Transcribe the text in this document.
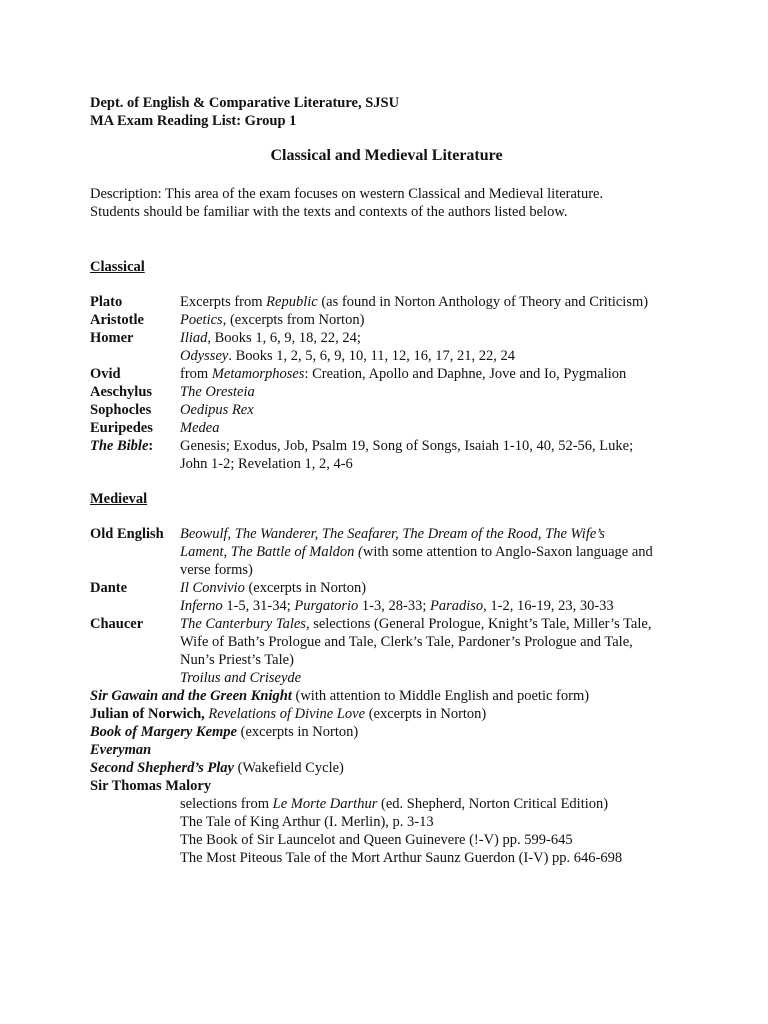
Dept. of English & Comparative Literature, SJSU
MA Exam Reading List: Group 1
Classical and Medieval Literature
Description: This area of the exam focuses on western Classical and Medieval literature.
Students should be familiar with the texts and contexts of the authors listed below.
Classical
Plato	Excerpts from Republic (as found in Norton Anthology of Theory and Criticism)
Aristotle	Poetics, (excerpts from Norton)
Homer	Iliad, Books 1, 6, 9, 18, 22, 24;
Odyssey. Books 1, 2, 5, 6, 9, 10, 11, 12, 16, 17, 21, 22, 24
Ovid	from Metamorphoses: Creation, Apollo and Daphne, Jove and Io, Pygmalion
Aeschylus	The Oresteia
Sophocles	Oedipus Rex
Euripedes	Medea
The Bible:	Genesis; Exodus, Job, Psalm 19, Song of Songs, Isaiah 1-10, 40, 52-56, Luke;
John 1-2; Revelation 1, 2, 4-6
Medieval
Old English	Beowulf, The Wanderer, The Seafarer, The Dream of the Rood, The Wife’s
Lament, The Battle of Maldon (with some attention to Anglo-Saxon language and
verse forms)
Dante	Il Convivio (excerpts in Norton)
Inferno 1-5, 31-34; Purgatorio 1-3, 28-33; Paradiso, 1-2, 16-19, 23, 30-33
Chaucer	The Canterbury Tales, selections (General Prologue, Knight’s Tale, Miller’s Tale,
Wife of Bath’s Prologue and Tale, Clerk’s Tale, Pardoner’s Prologue and Tale,
Nun’s Priest’s Tale)
Troilus and Criseyde
Sir Gawain and the Green Knight (with attention to Middle English and poetic form)
Julian of Norwich, Revelations of Divine Love (excerpts in Norton)
Book of Margery Kempe (excerpts in Norton)
Everyman
Second Shepherd’s Play (Wakefield Cycle)
Sir Thomas Malory
selections from Le Morte Darthur (ed. Shepherd, Norton Critical Edition)
The Tale of King Arthur (I. Merlin), p. 3-13
The Book of Sir Launcelot and Queen Guinevere (!-V) pp. 599-645
The Most Piteous Tale of the Mort Arthur Saunz Guerdon (I-V) pp. 646-698
